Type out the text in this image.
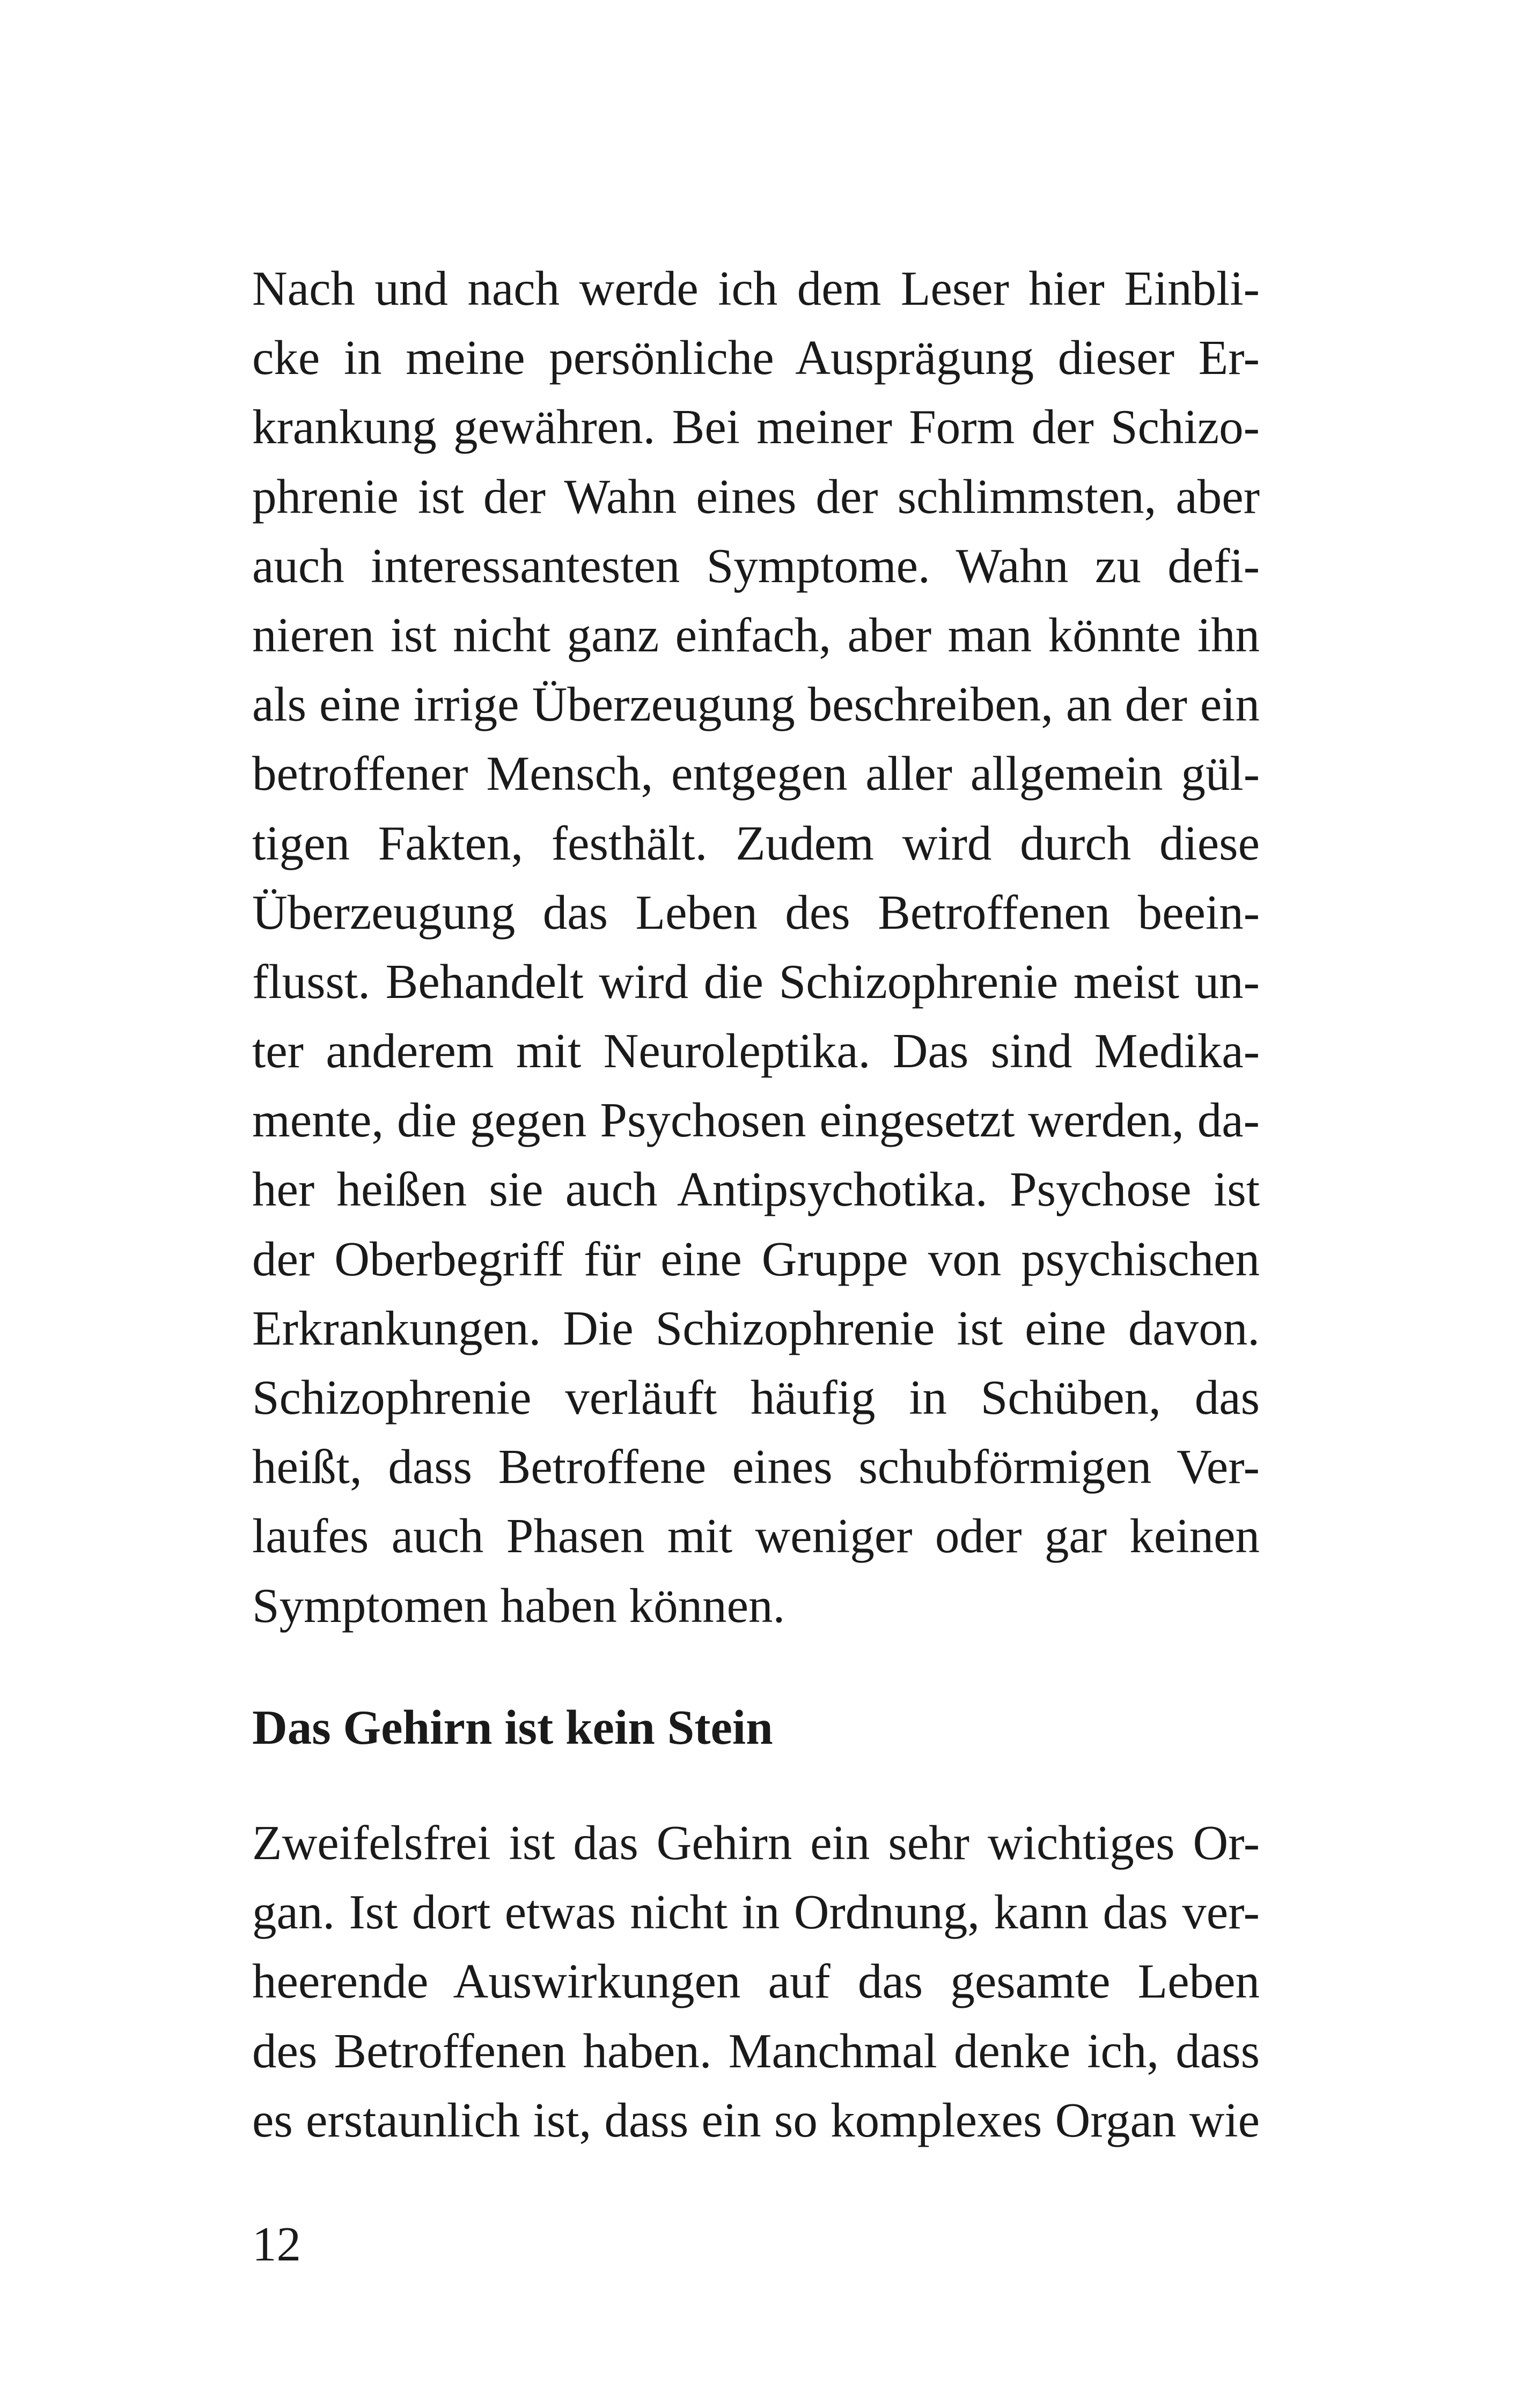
Nach und nach werde ich dem Leser hier Einbli-
cke in meine persönliche Ausprägung dieser Er-
krankung gewähren. Bei meiner Form der Schizo-
phrenie ist der Wahn eines der schlimmsten, aber
auch interessantesten Symptome. Wahn zu defi-
nieren ist nicht ganz einfach, aber man könnte ihn
als eine irrige Überzeugung beschreiben, an der ein
betroffener Mensch, entgegen aller allgemein gül-
tigen Fakten, festhält. Zudem wird durch diese
Überzeugung das Leben des Betroffenen beein-
flusst. Behandelt wird die Schizophrenie meist un-
ter anderem mit Neuroleptika. Das sind Medika-
mente, die gegen Psychosen eingesetzt werden, da-
her heißen sie auch Antipsychotika. Psychose ist
der Oberbegriff für eine Gruppe von psychischen
Erkrankungen. Die Schizophrenie ist eine davon.
Schizophrenie verläuft häufig in Schüben, das
heißt, dass Betroffene eines schubförmigen Ver-
laufes auch Phasen mit weniger oder gar keinen
Symptomen haben können.
Das Gehirn ist kein Stein
Zweifelsfrei ist das Gehirn ein sehr wichtiges Or-
gan. Ist dort etwas nicht in Ordnung, kann das ver-
heerende Auswirkungen auf das gesamte Leben
des Betroffenen haben. Manchmal denke ich, dass
es erstaunlich ist, dass ein so komplexes Organ wie
12
